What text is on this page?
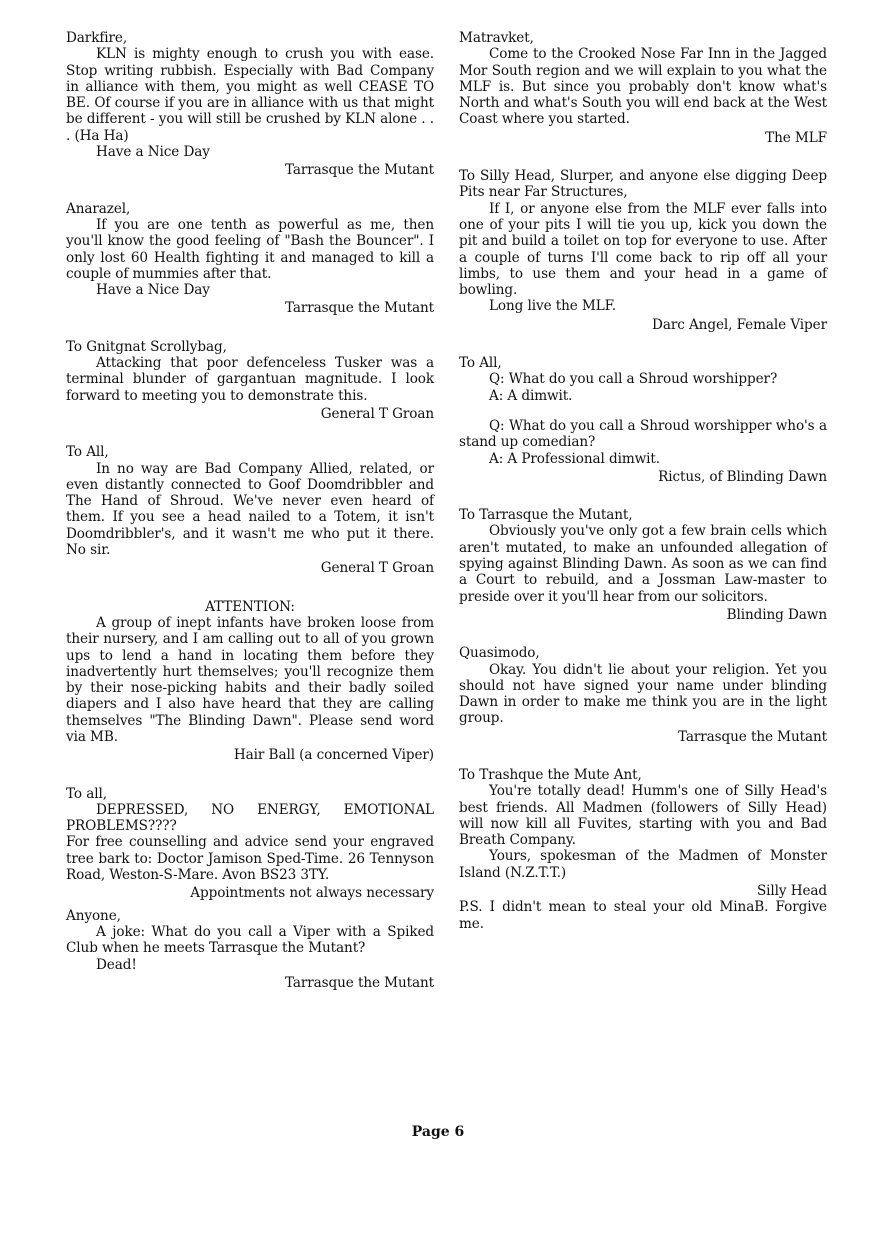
Darkfire,

KLN is mighty enough to crush you with ease. Stop writing rubbish. Especially with Bad Company in alliance with them, you might as well CEASE TO BE. Of course if you are in alliance with us that might be different - you will still be crushed by KLN alone . . . (Ha Ha)

Have a Nice Day

Tarrasque the Mutant

Anarazel,

If you are one tenth as powerful as me, then you'll know the good feeling of "Bash the Bouncer". I only lost 60 Health fighting it and managed to kill a couple of mummies after that.

Have a Nice Day

Tarrasque the Mutant

To Gnitgnat Scrollybag,

Attacking that poor defenceless Tusker was a terminal blunder of gargantuan magnitude. I look forward to meeting you to demonstrate this.

General T Groan

To All,

In no way are Bad Company Allied, related, or even distantly connected to Goof Doomdribbler and The Hand of Shroud. We've never even heard of them. If you see a head nailed to a Totem, it isn't Doomdribbler's, and it wasn't me who put it there. No sir.

General T Groan

ATTENTION:

A group of inept infants have broken loose from their nursery, and I am calling out to all of you grown ups to lend a hand in locating them before they inadvertently hurt themselves; you'll recognize them by their nose-picking habits and their badly soiled diapers and I also have heard that they are calling themselves "The Blinding Dawn". Please send word via MB.

Hair Ball (a concerned Viper)

To all,

DEPRESSED, NO ENERGY, EMOTIONAL PROBLEMS????

For free counselling and advice send your engraved tree bark to: Doctor Jamison Sped-Time. 26 Tennyson Road, Weston-S-Mare. Avon BS23 3TY.

Appointments not always necessary

Anyone,

A joke: What do you call a Viper with a Spiked Club when he meets Tarrasque the Mutant?

Dead!

Tarrasque the Mutant

Matravket,

Come to the Crooked Nose Far Inn in the Jagged Mor South region and we will explain to you what the MLF is. But since you probably don't know what's North and what's South you will end back at the West Coast where you started.

The MLF

To Silly Head, Slurper, and anyone else digging Deep Pits near Far Structures,

If I, or anyone else from the MLF ever falls into one of your pits I will tie you up, kick you down the pit and build a toilet on top for everyone to use. After a couple of turns I'll come back to rip off all your limbs, to use them and your head in a game of bowling.

Long live the MLF.

Darc Angel, Female Viper

To All,

Q: What do you call a Shroud worshipper?

A: A dimwit.

Q: What do you call a Shroud worshipper who's a stand up comedian?

A: A Professional dimwit.

Rictus, of Blinding Dawn

To Tarrasque the Mutant,

Obviously you've only got a few brain cells which aren't mutated, to make an unfounded allegation of spying against Blinding Dawn. As soon as we can find a Court to rebuild, and a Jossman Law-master to preside over it you'll hear from our solicitors.

Blinding Dawn

Quasimodo,

Okay. You didn't lie about your religion. Yet you should not have signed your name under blinding Dawn in order to make me think you are in the light group.

Tarrasque the Mutant

To Trashque the Mute Ant,

You're totally dead! Humm's one of Silly Head's best friends. All Madmen (followers of Silly Head) will now kill all Fuvites, starting with you and Bad Breath Company.

Yours, spokesman of the Madmen of Monster Island (N.Z.T.T.)

Silly Head

P.S. I didn't mean to steal your old MinaB. Forgive me.

Page 6
